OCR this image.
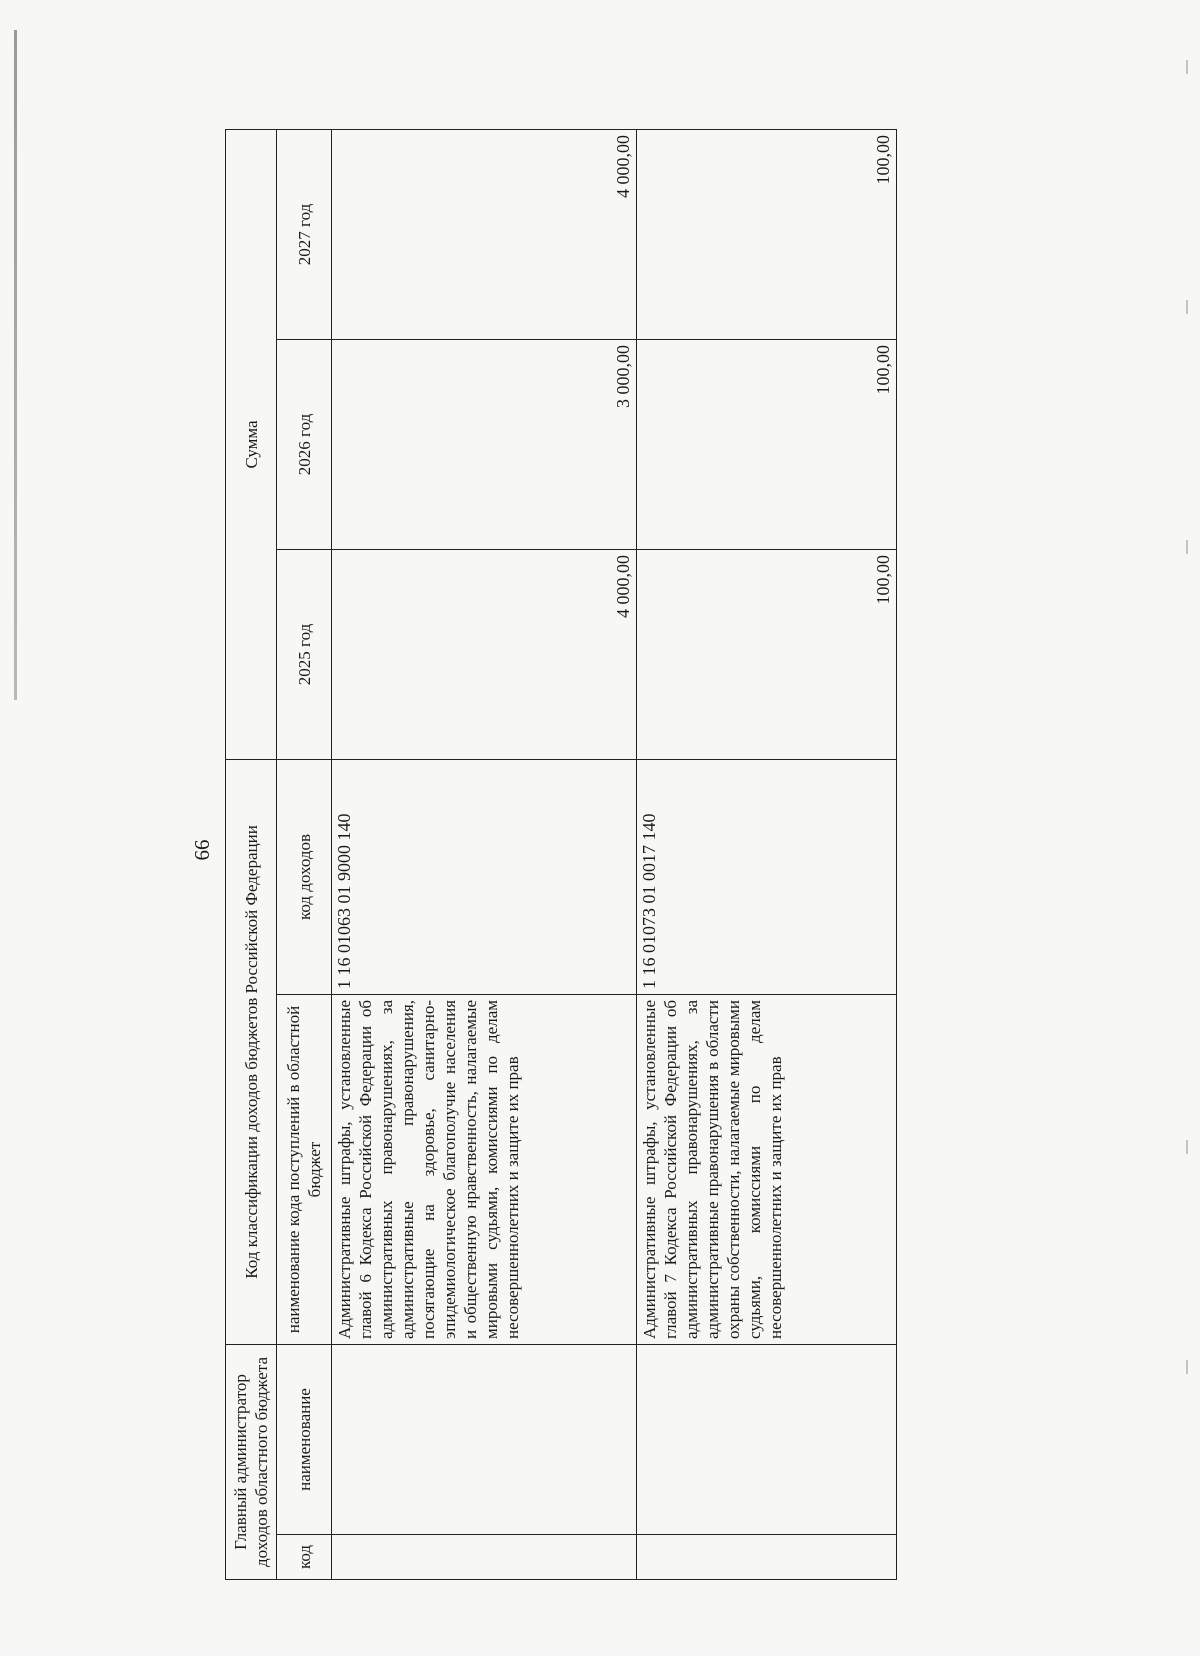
66
Главный администратор доходов областного бюджета		Код классификации доходов бюджетов Российской Федерации		Сумма		
код	наименование	наименование кода поступлений в областной бюджет	код доходов	2025 год	2026 год	2027 год
		Административные штрафы, установленные главой 6 Кодекса Российской Федерации об административных правонарушениях, за административные правонарушения, посягающие на здоровье, санитарно-эпидемиологическое благополучие населения и общественную нравственность, налагаемые мировыми судьями, комиссиями по делам несовершеннолетних и защите их прав	1 16 01063 01 9000 140	4 000,00	3 000,00	4 000,00
		Административные штрафы, установленные главой 7 Кодекса Российской Федерации об административных правонарушениях, за административные правонарушения в области охраны собственности, налагаемые мировыми судьями, комиссиями по делам несовершеннолетних и защите их прав	1 16 01073 01 0017 140	100,00	100,00	100,00
